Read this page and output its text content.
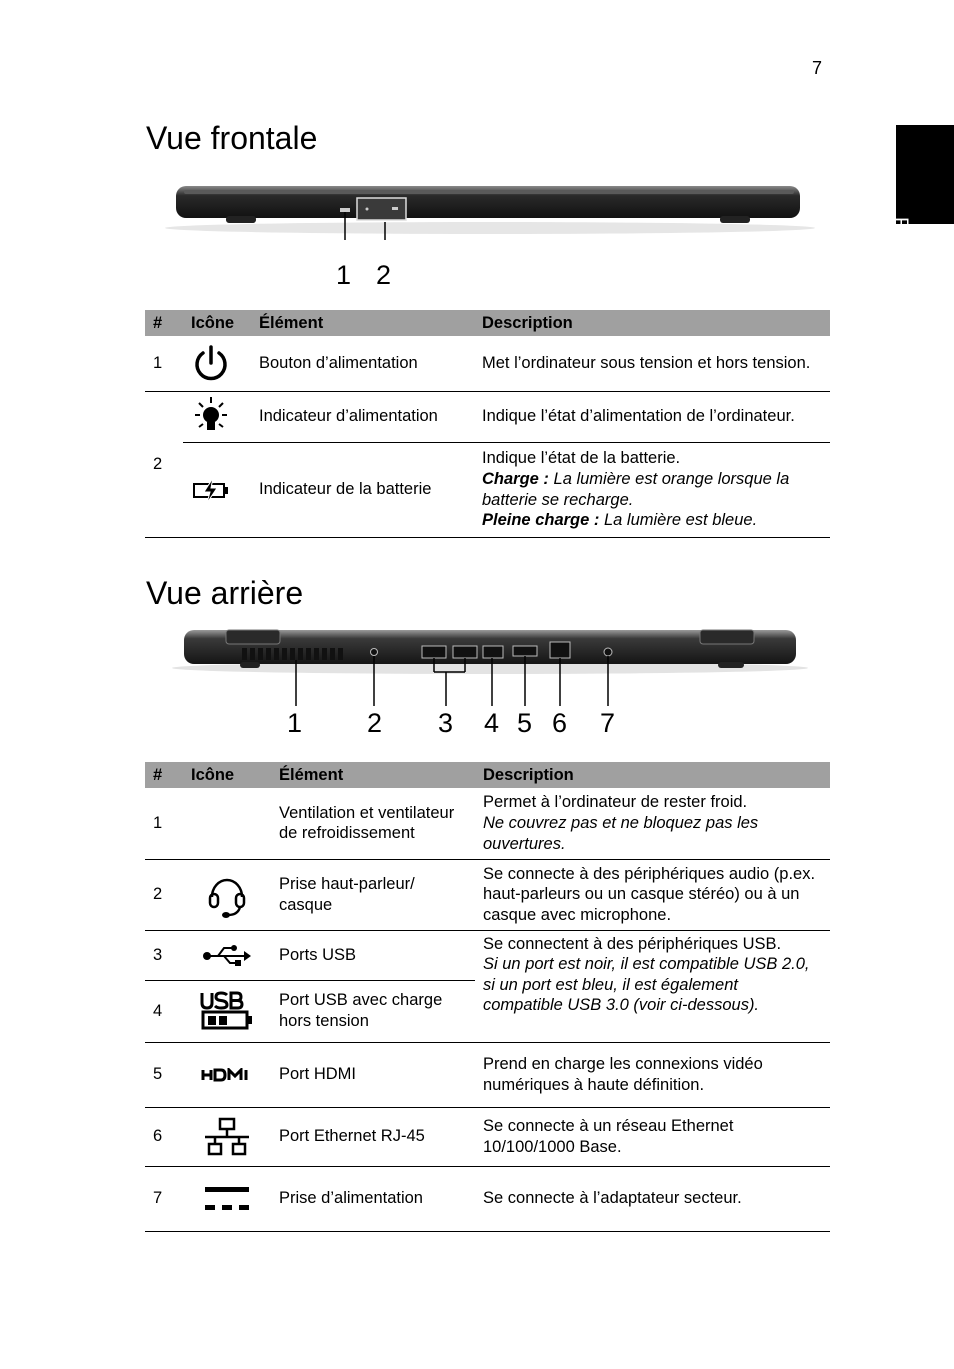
7
Français
Vue frontale
1 2
#	Icône	Élément	Description
1		Bouton d’alimentation	Met l’ordinateur sous tension et hors tension.
2		Indicateur d’alimentation	Indique l’état d’alimentation de l’ordinateur.

	Indicateur de la batterie	Indique l’état de la batterie.
Charge : La lumière est orange lorsque la batterie se recharge.
Pleine charge : La lumière est bleue.
Vue arrière
1 2 3 4 5 6 7
#	Icône	Élément	Description
1		Ventilation et ventilateur de refroidissement	Permet à l’ordinateur de rester froid.
Ne couvrez pas et ne bloquez pas les ouvertures.

2		Prise haut-parleur/ casque	Se connecte à des périphériques audio (p.ex. haut-parleurs ou un casque stéréo) ou à un casque avec microphone.
3		Ports USB	Se connectent à des périphériques USB.
Si un port est noir, il est compatible USB 2.0, si un port est bleu, il est également compatible USB 3.0 (voir ci-dessous).

4		Port USB avec charge hors tension	
5		Port HDMI	Prend en charge les connexions vidéo numériques à haute définition.
6		Port Ethernet RJ-45	Se connecte à un réseau Ethernet 10/100/1000 Base.
7		Prise d’alimentation	Se connecte à l’adaptateur secteur.
